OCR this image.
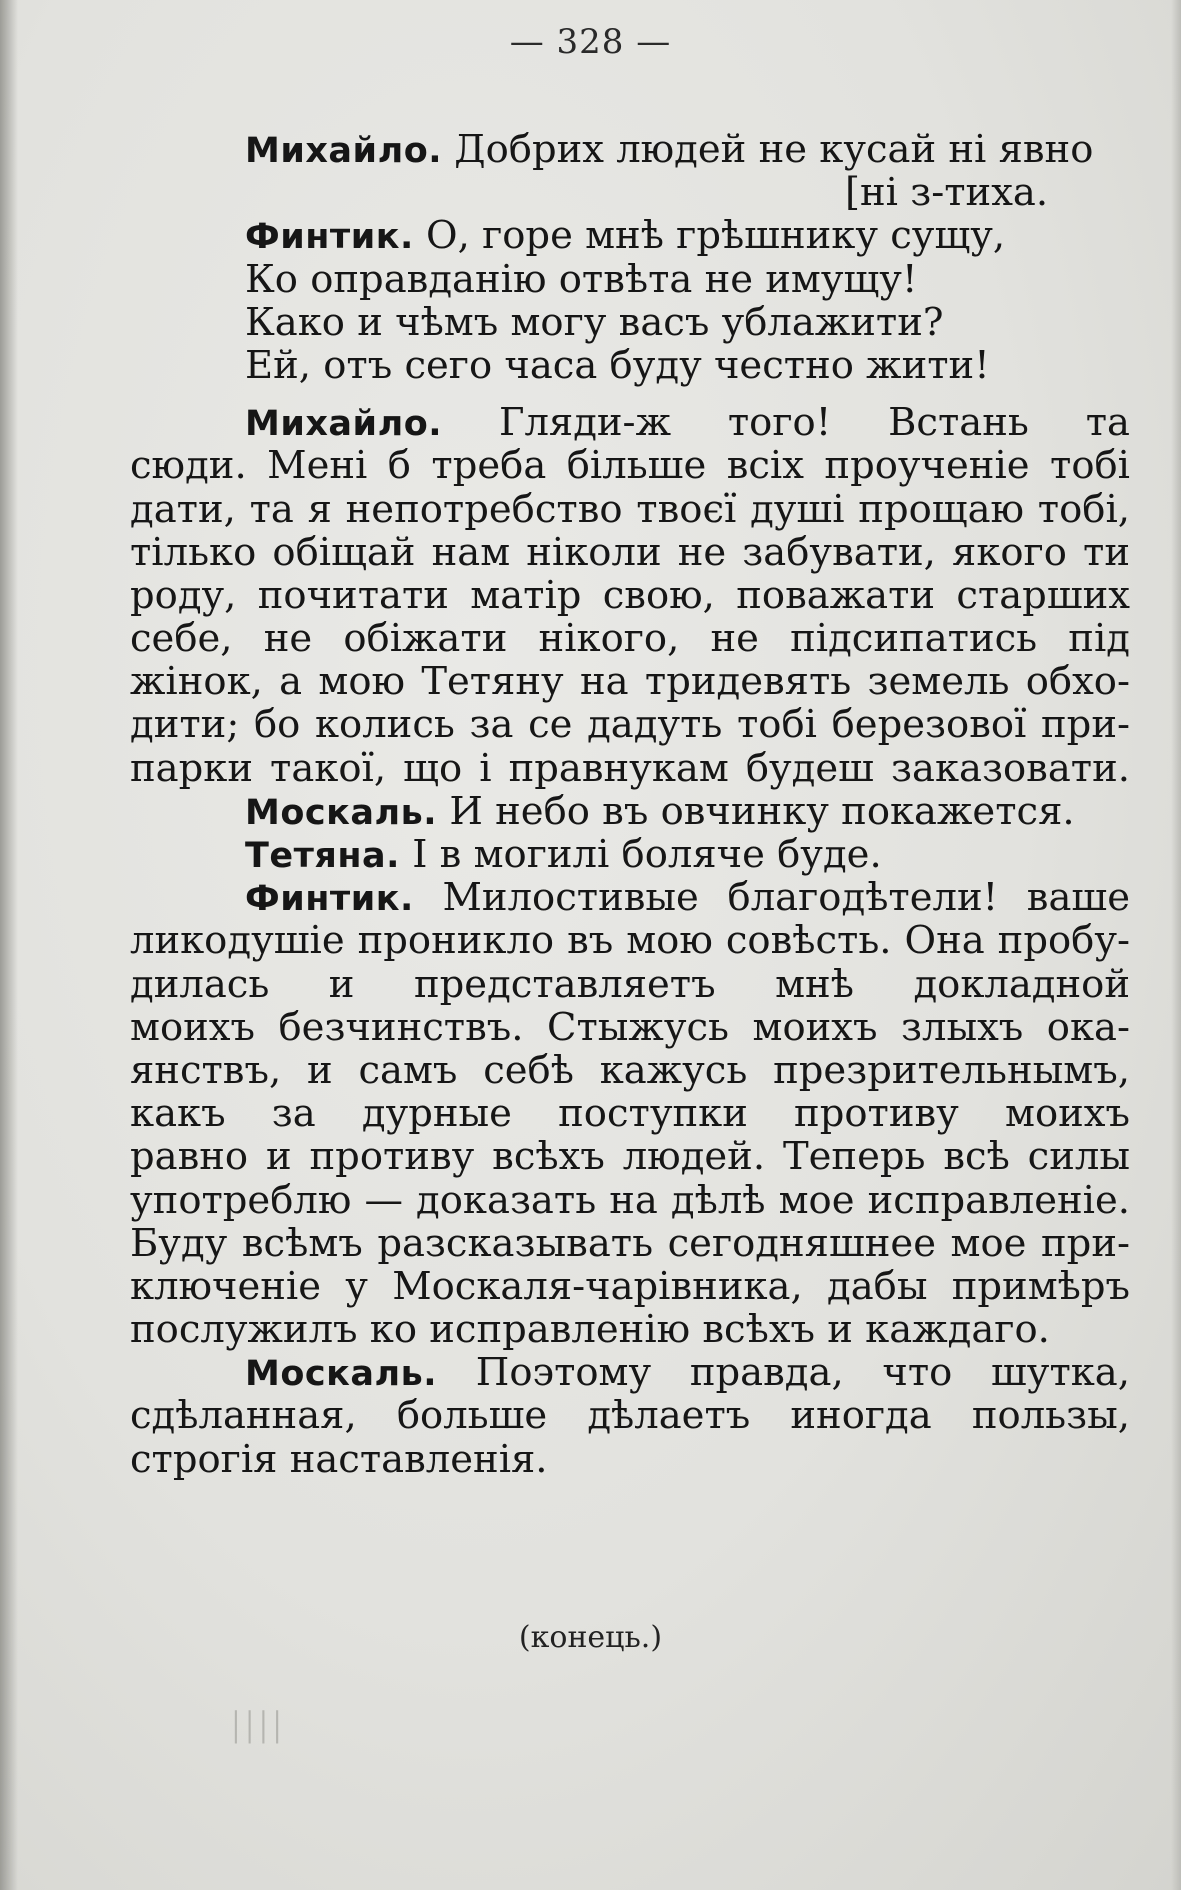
— 328 —
Михайло. Добрих людей не кусай ні явно
[ні з-тиха.
Финтик. О, горе мнѣ грѣшнику сущу,
Ко оправданію отвѣта не имущу!
Како и чѣмъ могу васъ ублажити?
Ей, отъ сего часа буду честно жити!
Михайло. Гляди-ж того! Встань та
сюди. Мені б треба більше всіх проученіе тобі
дати, та я непотребство твоєї душі прощаю тобі,
тілько обіщай нам ніколи не забувати, якого ти
роду, почитати матір свою, поважати старших
себе, не обіжати нікого, не підсипатись під
жінок, а мою Тетяну на тридевять земель обхо-
дити; бо колись за се дадуть тобі березової при-
парки такої, що і правнукам будеш заказовати.
Москаль. И небо въ овчинку покажется.
Тетяна. I в могилі боляче буде.
Финтик. Милостивые благодѣтели! ваше
ликодушіе проникло въ мою совѣсть. Она пробу-
дилась и представляетъ мнѣ докладной
моихъ безчинствъ. Стыжусь моихъ злыхъ ока-
янствъ, и самъ себѣ кажусь презрительнымъ,
какъ за дурные поступки противу моихъ
равно и противу всѣхъ людей. Теперь всѣ силы
употреблю — доказать на дѣлѣ мое исправленіе.
Буду всѣмъ разсказывать сегодняшнее мое при-
ключеніе у Москаля-чарівника, дабы примѣръ
послужилъ ко исправленію всѣхъ и каждаго.
Москаль. Поэтому правда, что шутка,
сдѣланная, больше дѣлаетъ иногда пользы,
строгія наставленія.
(конець.)
׀׀׀׀
